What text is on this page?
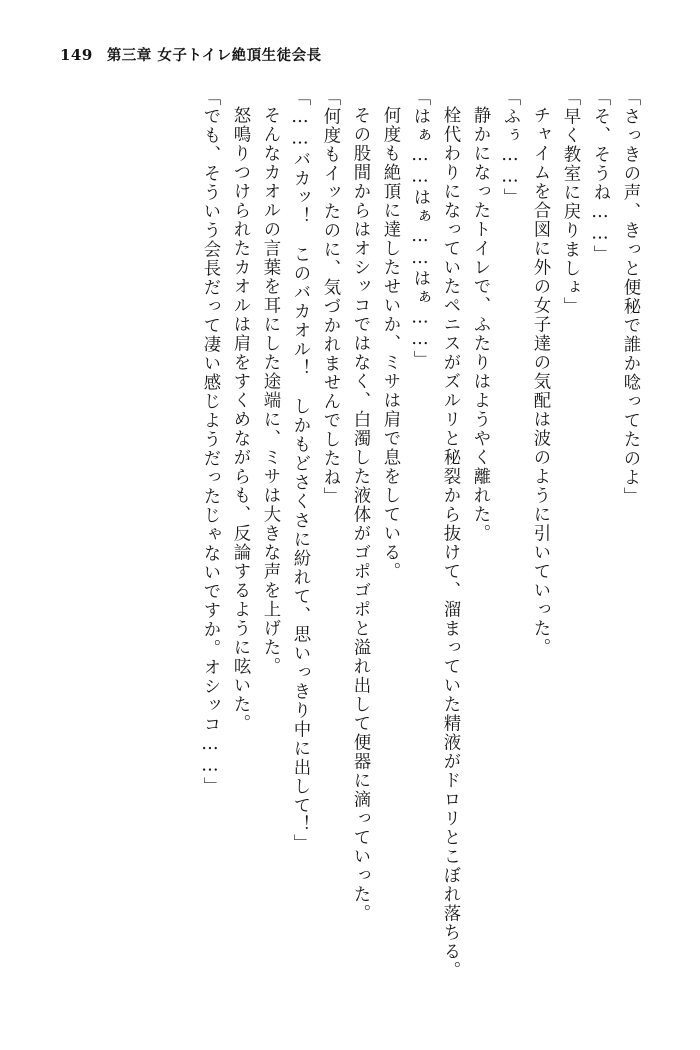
149 第三章 女子トイレ絶頂生徒会長
「さっきの声、きっと便秘で誰か唸ってたのよ」
「そ、そうね……」
「早く教室に戻りましょ」
チャイムを合図に外の女子達の気配は波のように引いていった。
「ふぅ……」
静かになったトイレで、ふたりはようやく離れた。
栓代わりになっていたペニスがズルリと秘裂から抜けて、溜まっていた精液がドロリとこぼれ落ちる。
「はぁ……はぁ……はぁ……」
何度も絶頂に達したせいか、ミサは肩で息をしている。
その股間からはオシッコではなく、白濁した液体がゴポゴポと溢れ出して便器に滴っていった。
「何度もイッたのに、気づかれませんでしたね」
「……バカッ！　このバカオル！　しかもどさくさに紛れて、思いっきり中に出して！」
そんなカオルの言葉を耳にした途端に、ミサは大きな声を上げた。
怒鳴りつけられたカオルは肩をすくめながらも、反論するように呟いた。
「でも、そういう会長だって凄い感じようだったじゃないですか。オシッコ……」
